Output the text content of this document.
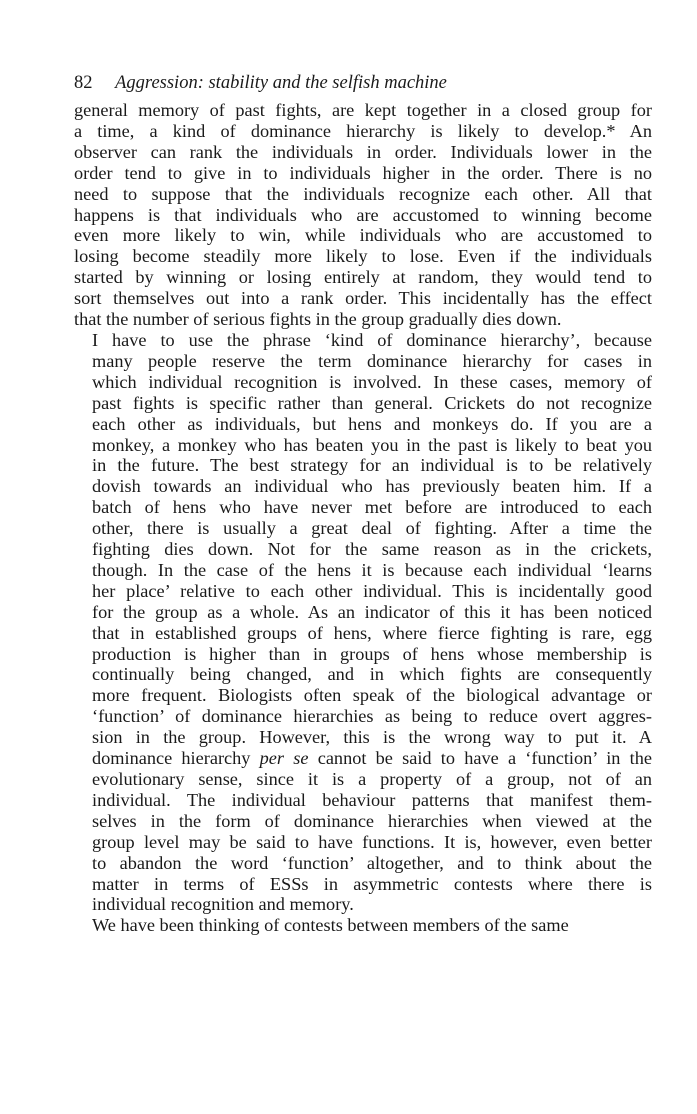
82 Aggression: stability and the selfish machine

general memory of past fights, are kept together in a closed group for
a time, a kind of dominance hierarchy is likely to develop.* An
observer can rank the individuals in order. Individuals lower in the
order tend to give in to individuals higher in the order. There is no
need to suppose that the individuals recognize each other. All that
happens is that individuals who are accustomed to winning become
even more likely to win, while individuals who are accustomed to
losing become steadily more likely to lose. Even if the individuals
started by winning or losing entirely at random, they would tend to
sort themselves out into a rank order. This incidentally has the effect
that the number of serious fights in the group gradually dies down.

I have to use the phrase ‘kind of dominance hierarchy’, because
many people reserve the term dominance hierarchy for cases in
which individual recognition is involved. In these cases, memory of
past fights is specific rather than general. Crickets do not recognize
each other as individuals, but hens and monkeys do. If you are a
monkey, a monkey who has beaten you in the past is likely to beat you
in the future. The best strategy for an individual is to be relatively
dovish towards an individual who has previously beaten him. If a
batch of hens who have never met before are introduced to each
other, there is usually a great deal of fighting. After a time the
fighting dies down. Not for the same reason as in the crickets,
though. In the case of the hens it is because each individual ‘learns
her place’ relative to each other individual. This is incidentally good
for the group as a whole. As an indicator of this it has been noticed
that in established groups of hens, where fierce fighting is rare, egg
production is higher than in groups of hens whose membership is
continually being changed, and in which fights are consequently
more frequent. Biologists often speak of the biological advantage or
‘function’ of dominance hierarchies as being to reduce overt aggres-
sion in the group. However, this is the wrong way to put it. A
dominance hierarchy per se cannot be said to have a ‘function’ in the
evolutionary sense, since it is a property of a group, not of an
individual. The individual behaviour patterns that manifest them-
selves in the form of dominance hierarchies when viewed at the
group level may be said to have functions. It is, however, even better
to abandon the word ‘function’ altogether, and to think about the
matter in terms of ESSs in asymmetric contests where there is
individual recognition and memory.

We have been thinking of contests between members of the same
